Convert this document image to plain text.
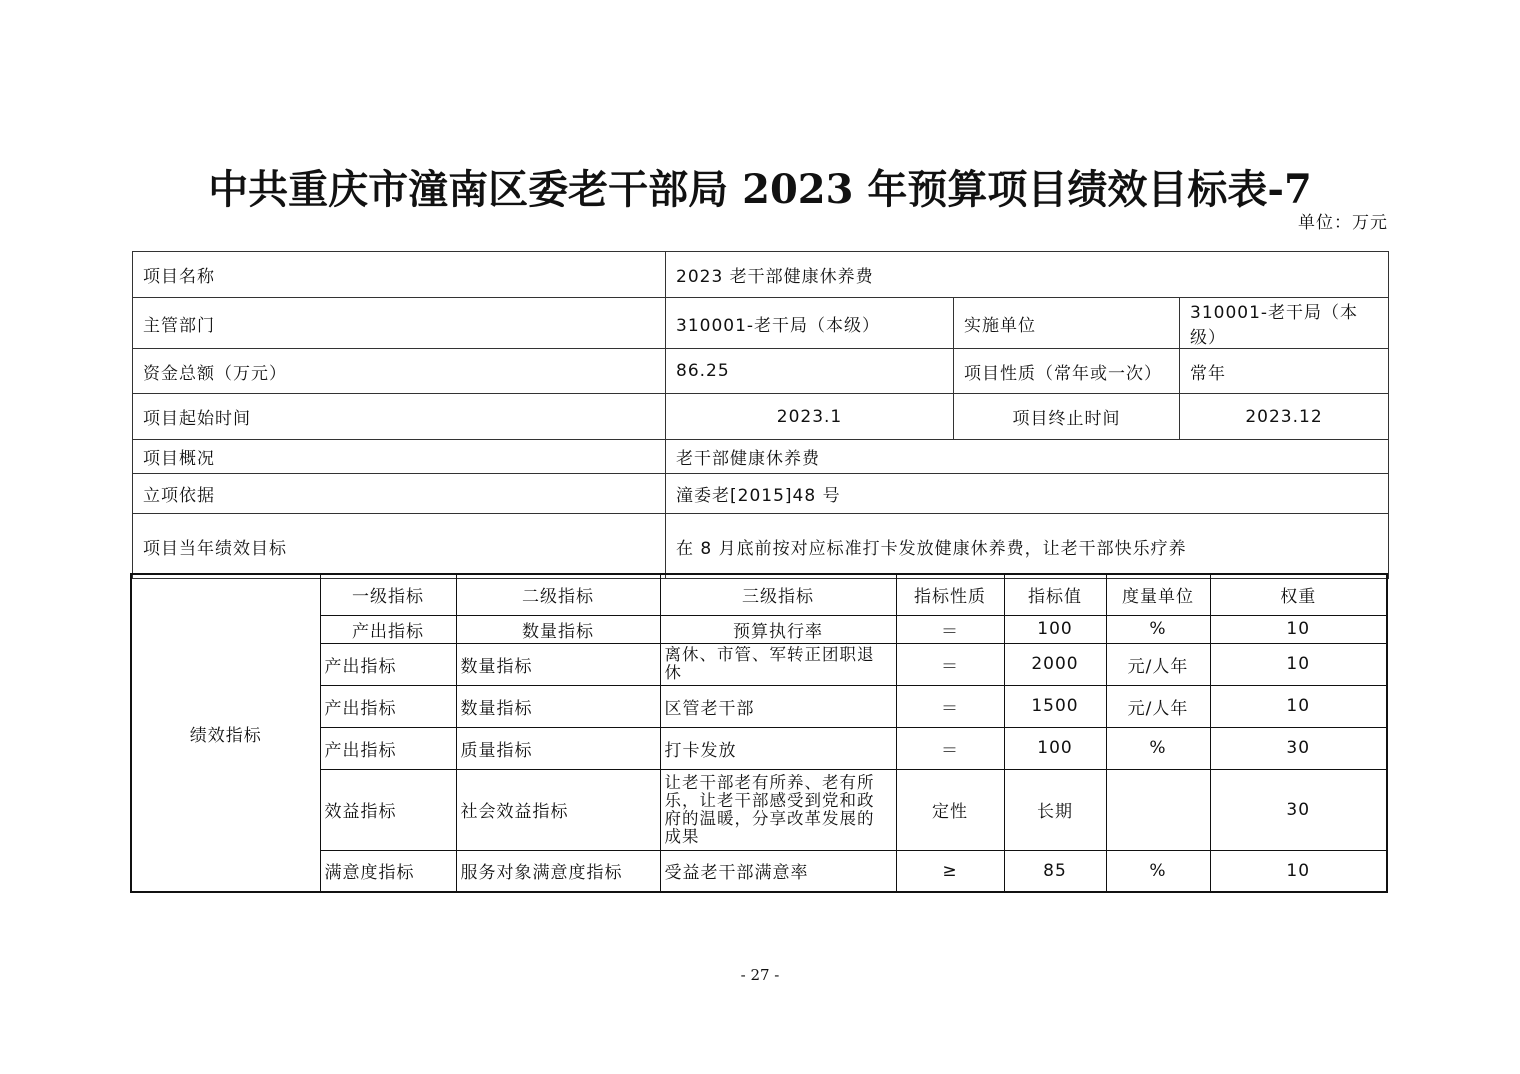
中共重庆市潼南区委老干部局 2023 年预算项目绩效目标表-7
单位：万元
项目名称	2023 老干部健康休养费		
主管部门	310001-老干局（本级）	实施单位	310001-老干局（本级）
资金总额（万元）	86.25	项目性质（常年或一次）	常年
项目起始时间	2023.1	项目终止时间	2023.12
项目概况	老干部健康休养费		
立项依据	潼委老[2015]48 号		
项目当年绩效目标	在 8 月底前按对应标准打卡发放健康休养费，让老干部快乐疗养		
绩效指标	一级指标	二级指标	三级指标	指标性质	指标值	度量单位	权重
	产出指标	数量指标	预算执行率	＝	100	%	10
	产出指标	数量指标	离休、市管、军转正团职退休	＝	2000	元/人年	10
	产出指标	数量指标	区管老干部	＝	1500	元/人年	10
	产出指标	质量指标	打卡发放	＝	100	%	30
	效益指标	社会效益指标	让老干部老有所养、老有所乐，让老干部感受到党和政府的温暖，分享改革发展的成果	定性	长期		30
	满意度指标	服务对象满意度指标	受益老干部满意率	≥	85	%	10
- 27 -
